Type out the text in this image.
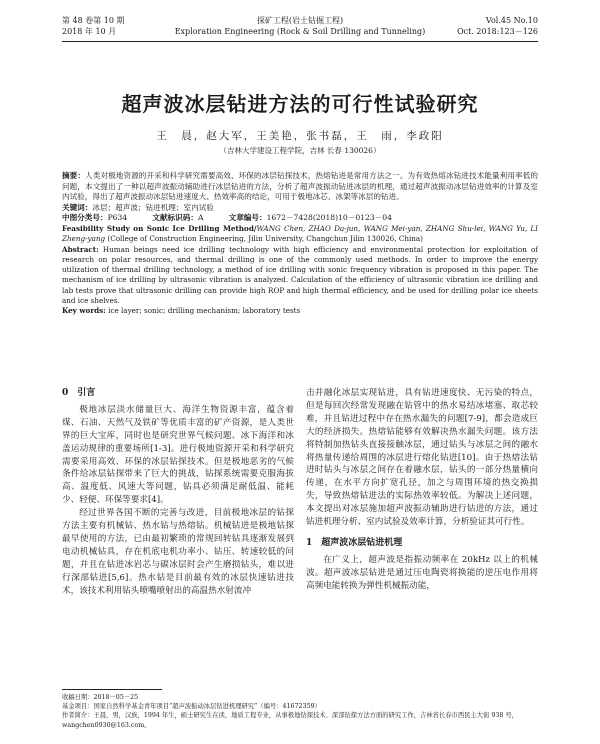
第 48 卷第 10 期
2018 年 10 月
探矿工程(岩土钻掘工程)
Exploration Engineering (Rock & Soil Drilling and Tunneling)
Vol.45 No.10
Oct. 2018:123－126
超声波冰层钻进方法的可行性试验研究
王　晨，赵大军，王美艳，张书磊，王　雨，李政阳
（吉林大学建设工程学院，吉林 长春 130026）

摘要：人类对极地资源的开采和科学研究需要高效、环保的冰层钻探技术，热熔钻进是常用方法之一。为有效热熔冰钻进技术能量利用率低的问题，本文提出了一种以超声波振动辅助进行冰层钻进的方法，分析了超声波振动钻进冰层的机理，通过超声波振动冰层钻进效率的计算及室内试验，得出了超声波振动冰层钻进速度大、热效率高的结论，可用于极地冰芯、冰架等冰层的钻进。

关键词：冰层；超声波；钻进机理；室内试验

中图分类号：P634　　　	文献标识码：A　　　	文章编号：1672－7428(2018)10－0123－04

Feasibility Study on Sonic Ice Drilling Method/WANG Chen, ZHAO Da-jun, WANG Mei-yan, ZHANG Shu-lei, WANG Yu, LI Zheng-yang (College of Construction Engineering, Jilin University, Changchun Jilin 130026, China)

Abstract: Human beings need ice drilling technology with high efficiency and environmental protection for exploitation of research on polar resources, and thermal drilling is one of the commonly used methods. In order to improve the energy utilization of thermal drilling technology, a method of ice drilling with sonic frequency vibration is proposed in this paper. The mechanism of ice drilling by ultrasonic vibration is analyzed. Calculation of the efficiency of ultrasonic vibration ice drilling and lab tests prove that ultrasonic drilling can provide high ROP and high thermal efficiency, and be used for drilling polar ice sheets and ice shelves.

Key words: ice layer; sonic; drilling mechanism; laboratory tests

0　引言

极地冰层淡水储量巨大、海洋生物资源丰富，蕴含着煤、石油、天然气及铁矿等优质丰富的矿产资源，是人类世界的巨大宝库，同时也是研究世界气候问题、冰下海洋和冰盖运动规律的重要场所[1-3]。进行极地资源开采和科学研究需要采用高效、环保的冰层钻探技术。但是极地恶劣的气候条件给冰层钻探带来了巨大的挑战，钻探系统需要克服海拔高、温度低、风速大等问题，钻具必须满足耐低温、能耗少、轻便、环保等要求[4]。

经过世界各国不断的完善与改进，目前极地冰层的钻探方法主要有机械钻、热水钻与热熔钻。机械钻进是极地钻探最早使用的方法，已由最初繁琐的常规回转钻具逐渐发展到电动机械钻具，存在机底电机功率小、钻压、转速较低的问题，并且在钻进冰岩芯与碳冰层时会产生磨损钻头，难以进行深部钻进[5,6]。热水钻是目前最有效的冰层快速钻进技术，该技术利用钻头喷嘴喷射出的高温热水射流冲

击并融化冰层实现钻进，具有钻进速度快、无污染的特点，但是每回次经常发现融在钻管中的热水易结冰堵塞、取芯较难，并且钻进过程中存在热水漏失的问题[7-9]，都会造成巨大的经济损失。热熔钻能够有效解决热水漏失问题。该方法将特制加热钻头直接接触冰层，通过钻头与冰层之间的融水将热量传递给周围的冰层进行熔化钻进[10]。由于热熔法钻进时钻头与冰层之间存在着融水层，钻头的一部分热量横向传递，在水平方向扩宽孔径，加之与周围环境的热交换损失，导致热熔钻进法的实际热效率较低。为解决上述问题，本文提出对冰层施加超声波振动辅助进行钻进的方法，通过钻进机理分析、室内试验及效率计算，分析验证其可行性。

1　超声波冰层钻进机理

在广义上，超声波是指振动频率在 20kHz 以上的机械波。超声波冰层钻进是通过压电陶瓷将换能的逆压电作用将高频电能转换为弹性机械振动能，

收稿日期：2018－05－25

基金项目：国家自然科学基金青年项目“超声波振动冰层钻进机理研究”（编号：41672359）

作者简介：王晨，男，汉族，1994 年生，硕士研究生在读，地质工程专业，从事极地钻探技术、深部钻探方法方面的研究工作，吉林省长春市西民主大街 938 号，wangchen0930@163.com。
